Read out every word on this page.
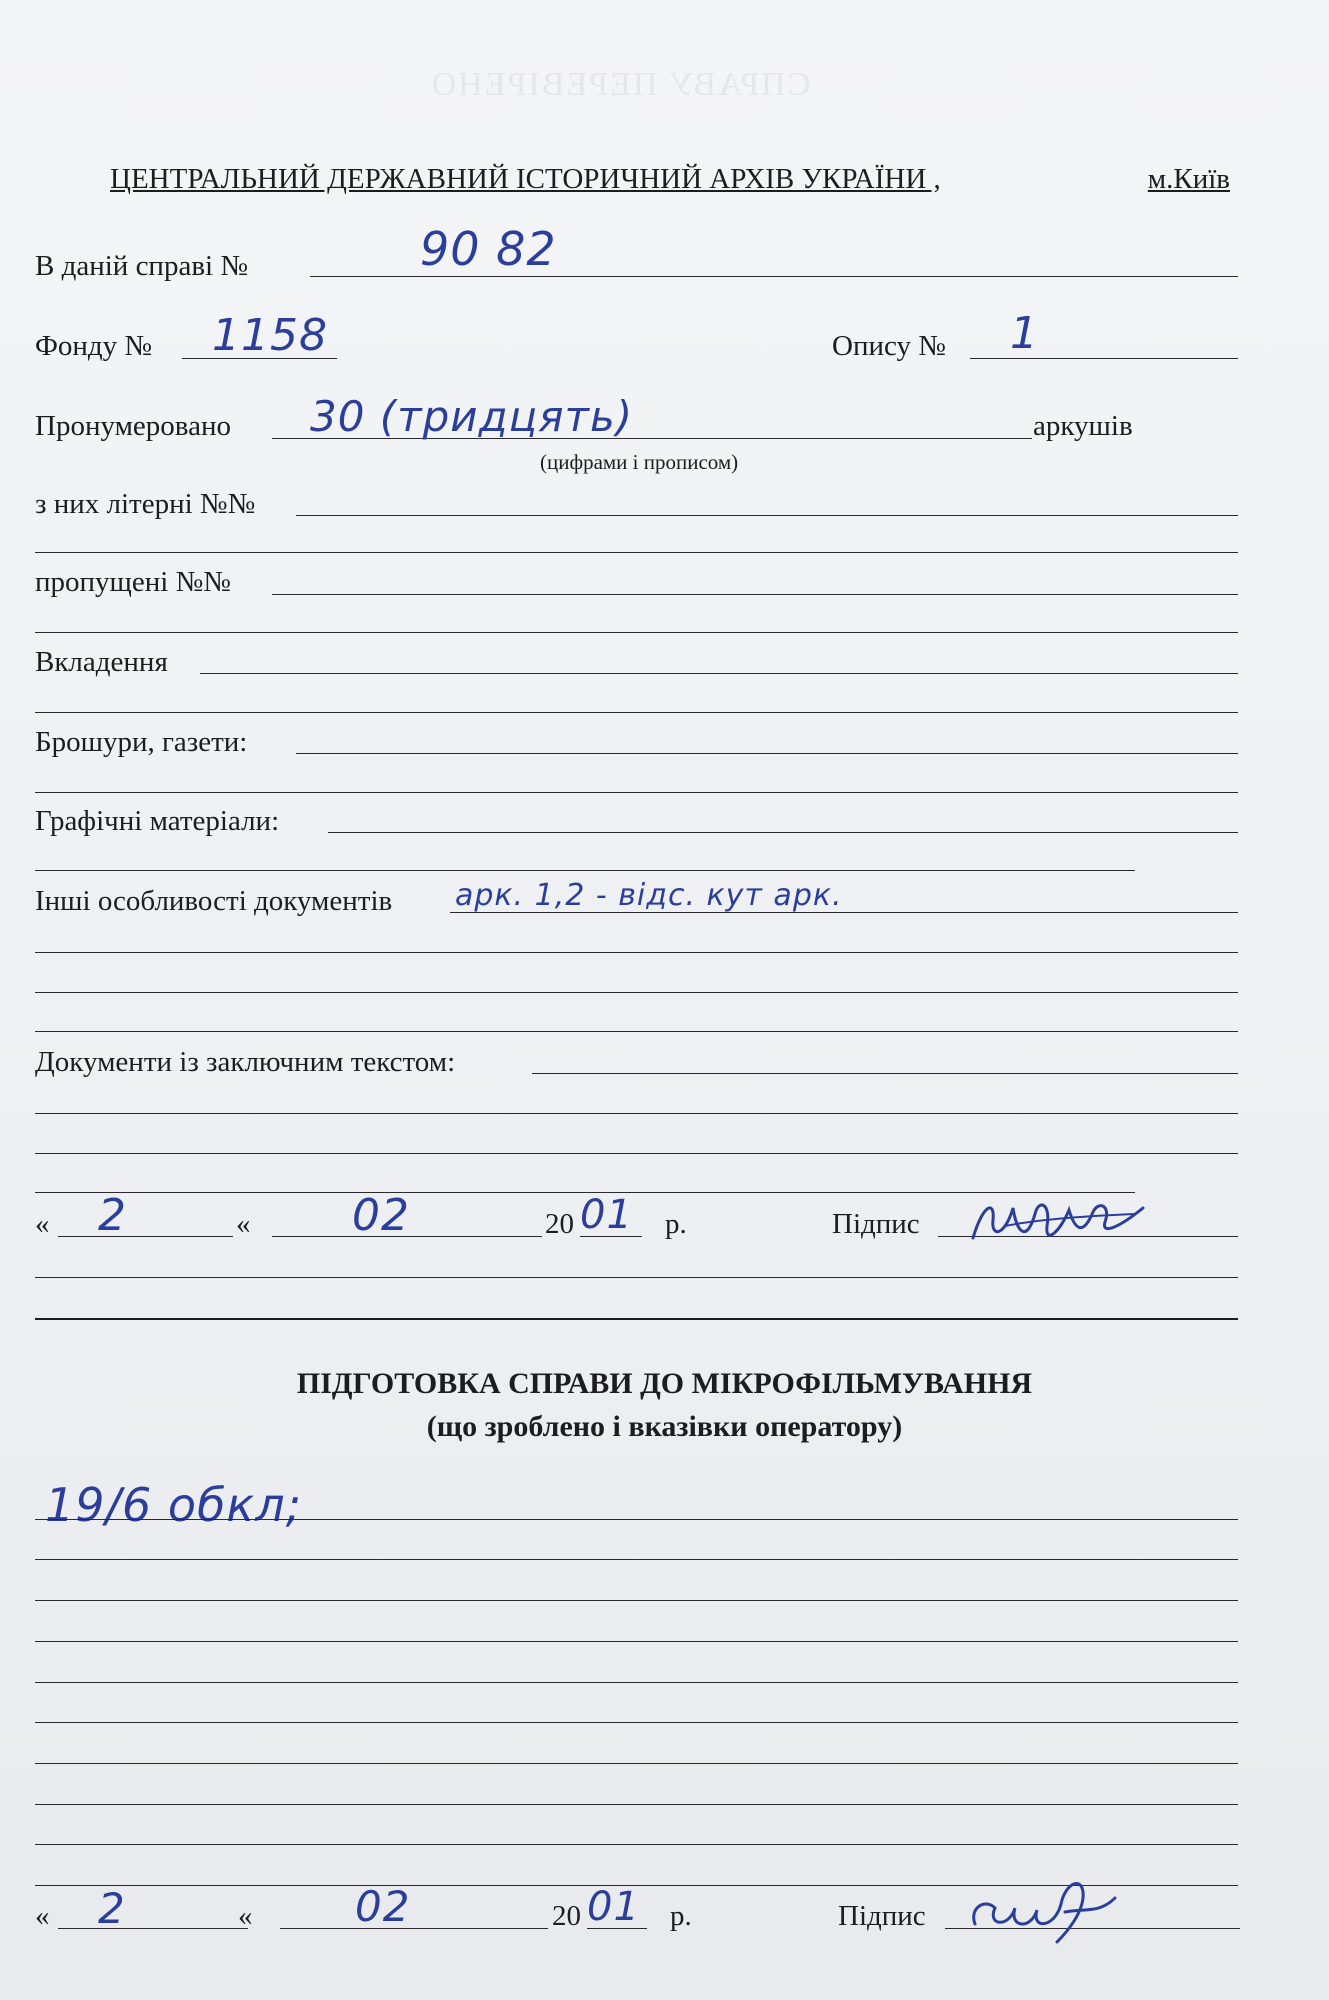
СПРАВУ ПЕРЕВІРЕНО
ЦЕНТРАЛЬНИЙ ДЕРЖАВНИЙ ІСТОРИЧНИЙ АРХІВ УКРАЇНИ ,	м.Київ
В даній справі №	90 82
Фонду № 1158	Опису № 1
Пронумеровано 30 (тридцять)	аркушів
(цифрами і прописом)
з них літерні №№
пропущені №№
Вкладення
Брошури, газети:
Графічні матеріали:
Інші особливості документів арк. 1,2 - відс. кут арк.
Документи із заключним текстом:
« 2	« 02	20 01 р.	Підпис
ПІДГОТОВКА СПРАВИ ДО МІКРОФІЛЬМУВАННЯ
(що зроблено і вказівки оператору)
19/6 обкл;
« 2	« 02	20 01 р.	Підпис
